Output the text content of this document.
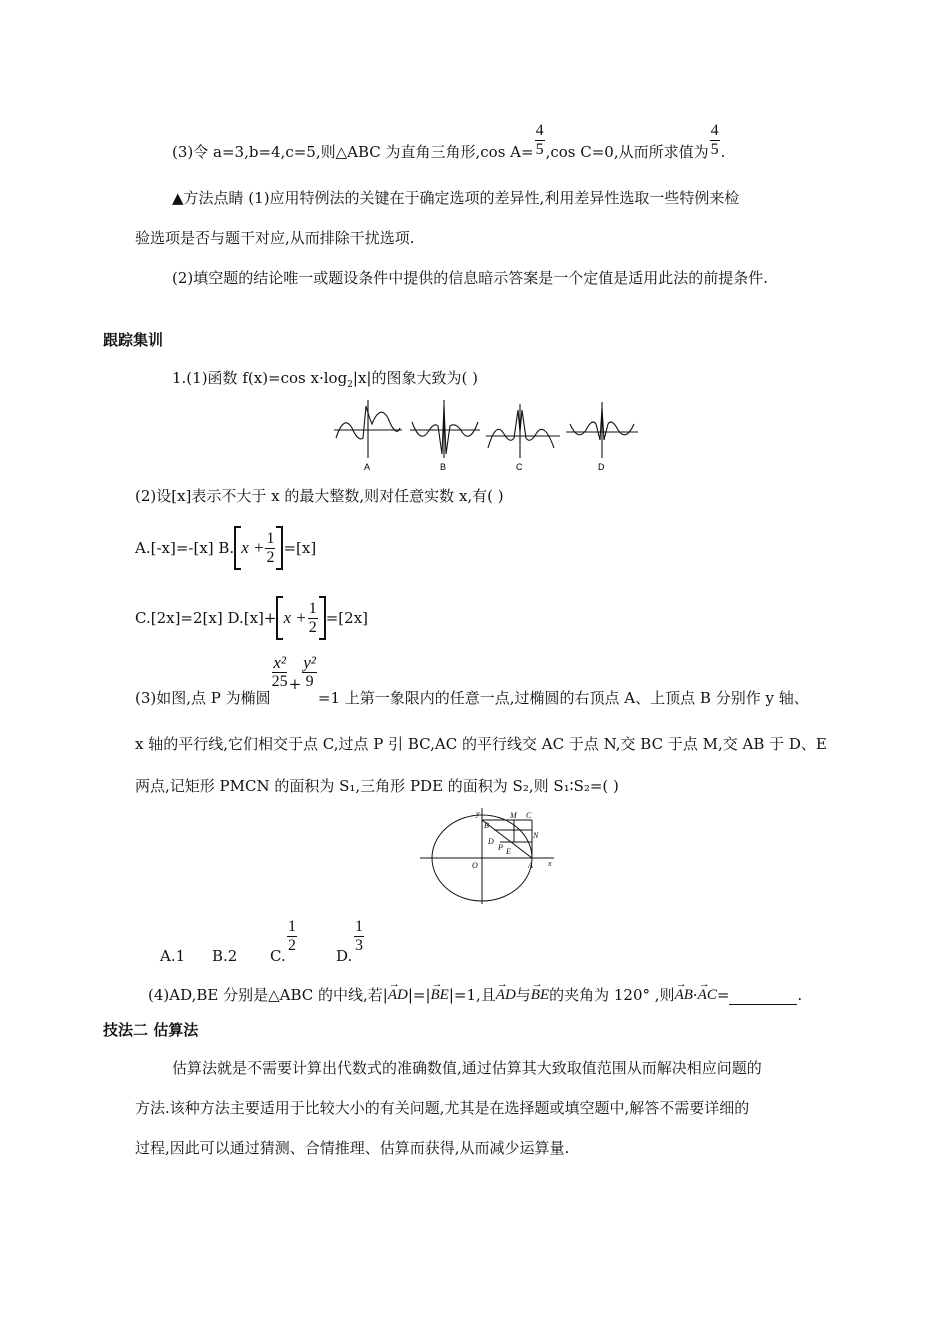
(3)令 a=3,b=4,c=5,则△ABC 为直角三角形,cos $A= \frac{4}{5} ,\cos$ C=0,从而所求值为 $\frac{4}{5}$ .
▲方法点睛 (1)应用特例法的关键在于确定选项的差异性,利用差异性选取一些特例来检
验选项是否与题干对应,从而排除干扰选项.
(2)填空题的结论唯一或题设条件中提供的信息暗示答案是一个定值是适用此法的前提条件.
跟踪集训
1.(1)函数 f(x)=cos $x\cdot\log_2|x|$的图象大致为( )
A	B	C	D
(2)设[x]表示不大于 x 的最大整数,则对任意实数 x,有( )
A.[-x]=-[x] B. $x + \frac{1}{2} =[x]$
C.[2x]=2[x] $D.[x]+ x + \frac{1}{2} =[2x]$
(3)如图,点 P 为椭圆
$\frac{\text{x²}}{25} + \frac{\text{y²}}{9}$
=1 上第一象限内的任意一点,过椭圆的右顶点 A、上顶点 B 分别作 y 轴、
x 轴的平行线,它们相交于点 C,过点 P 引 BC,AC 的平行线交 AC 于点 N,交 BC 于点 M,交 AB 于 D、E
两点,记矩形 PMCN 的面积为 S₁,三角形 PDE 的面积为 S₂,则 S₁∶S₂=( )
y
B
M C
N
D
P E
O	A x
A.1 B.2 C.
$\frac{1}{2}$
D.
$\frac{1}{3}$
(4)AD,BE 分别是△ABC 的中线,若| → AD |=| → BE |=1,且 → AD 与 → BE 的夹角为 120° ,则 → AB · → AC =	.
技法二 估算法
估算法就是不需要计算出代数式的准确数值,通过估算其大致取值范围从而解决相应问题的
方法.该种方法主要适用于比较大小的有关问题,尤其是在选择题或填空题中,解答不需要详细的
过程,因此可以通过猜测、合情推理、估算而获得,从而减少运算量.
